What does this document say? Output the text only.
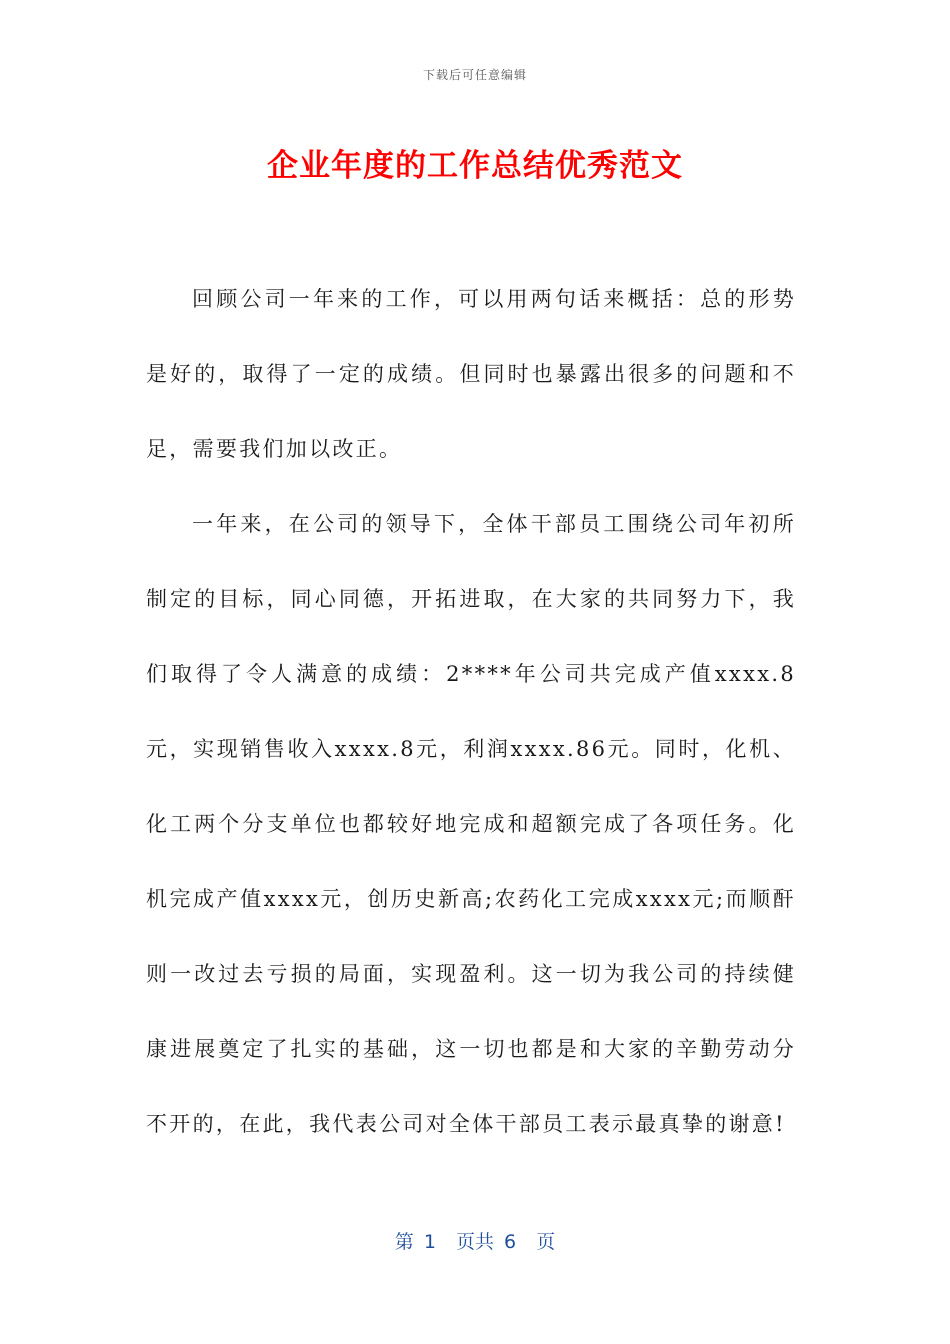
下载后可任意编辑
企业年度的工作总结优秀范文

回顾公司一年来的工作，可以用两句话来概括：总的形势是好的，取得了一定的成绩。但同时也暴露出很多的问题和不足，需要我们加以改正。

一年来，在公司的领导下，全体干部员工围绕公司年初所制定的目标，同心同德，开拓进取，在大家的共同努力下，我们取得了令人满意的成绩：2****年公司共完成产值xxxx.8元，实现销售收入xxxx.8元，利润xxxx.86元。同时，化机、化工两个分支单位也都较好地完成和超额完成了各项任务。化机完成产值xxxx元，创历史新高;农药化工完成xxxx元;而顺酐则一改过去亏损的局面，实现盈利。这一切为我公司的持续健康进展奠定了扎实的基础，这一切也都是和大家的辛勤劳动分不开的，在此，我代表公司对全体干部员工表示最真挚的谢意!

第 1  页共 6  页
